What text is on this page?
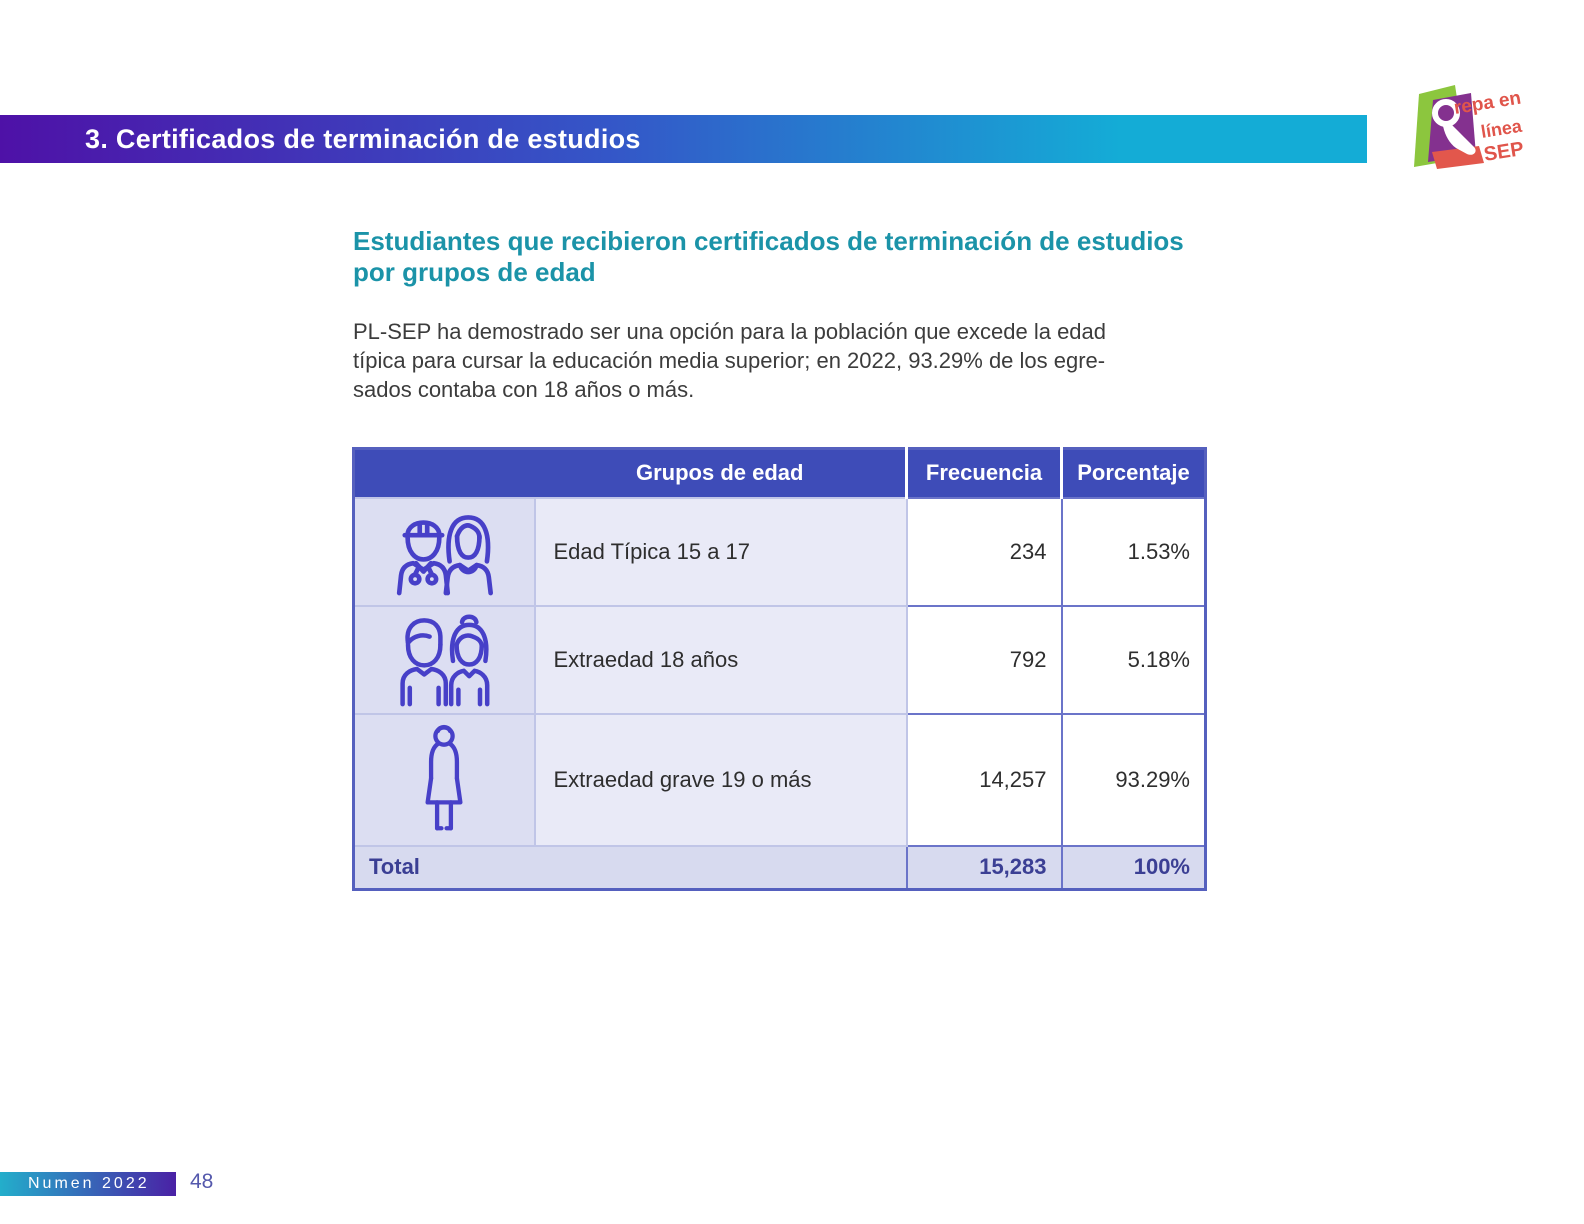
3. Certificados de terminación de estudios
repa en
línea
SEP
Estudiantes que recibieron certificados de terminación de estudios
por grupos de edad
PL-SEP ha demostrado ser una opción para la población que excede la edad
típica para cursar la educación media superior; en 2022, 93.29% de los egre-
sados contaba con 18 años o más.
	Grupos de edad	Frecuencia	Porcentaje

	Edad Típica 15 a 17	234	1.53%

	Extraedad 18 años	792	5.18%

	Extraedad grave 19 o más	14,257	93.29%
Total		15,283	100%
Numen 2022 48
